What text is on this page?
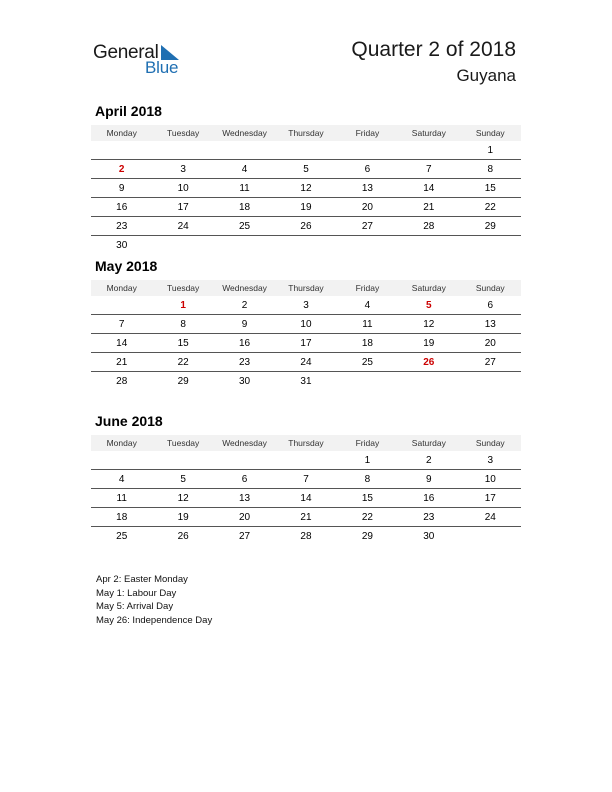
General
Blue
Quarter 2 of 2018
Guyana
April 2018
Monday	Tuesday	Wednesday	Thursday	Friday	Saturday	Sunday
						1
2	3	4	5	6	7	8
9	10	11	12	13	14	15
16	17	18	19	20	21	22
23	24	25	26	27	28	29
30						
May 2018
Monday	Tuesday	Wednesday	Thursday	Friday	Saturday	Sunday
	1	2	3	4	5	6
7	8	9	10	11	12	13
14	15	16	17	18	19	20
21	22	23	24	25	26	27
28	29	30	31			
June 2018
Monday	Tuesday	Wednesday	Thursday	Friday	Saturday	Sunday
				1	2	3
4	5	6	7	8	9	10
11	12	13	14	15	16	17
18	19	20	21	22	23	24
25	26	27	28	29	30	
Apr 2: Easter Monday
May 1: Labour Day
May 5: Arrival Day
May 26: Independence Day
